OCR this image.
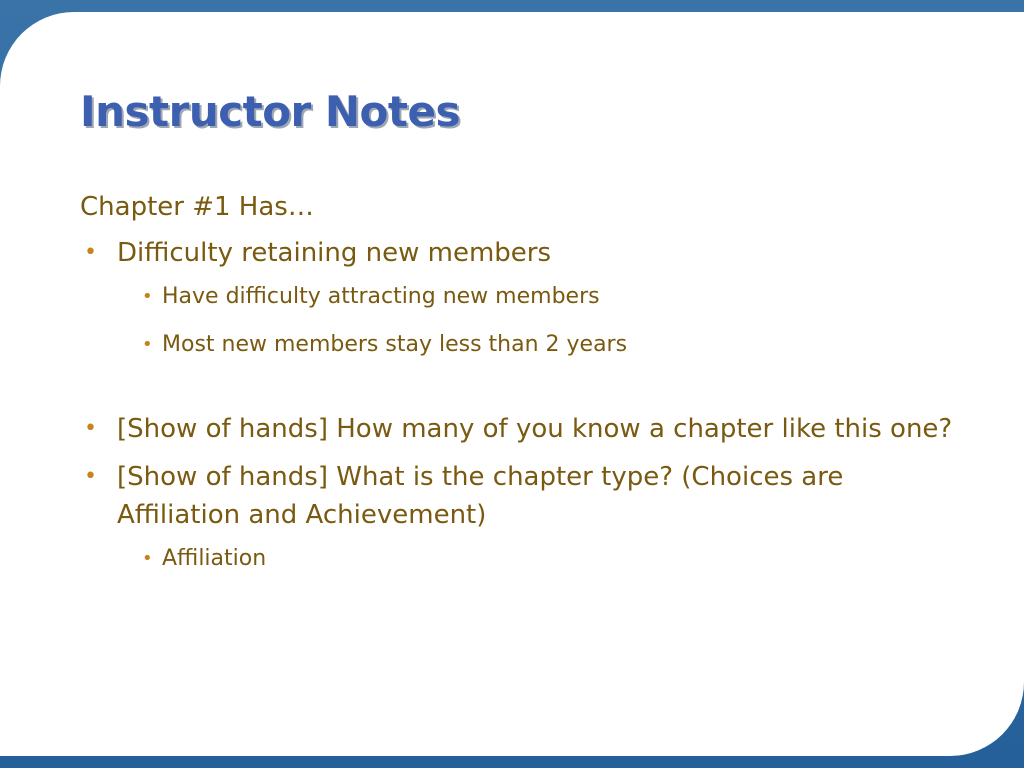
Instructor Notes

Chapter #1 Has…

• Difficulty retaining new members
• Have difficulty attracting new members
• Most new members stay less than 2 years
• [Show of hands] How many of you know a chapter like this one?
• [Show of hands] What is the chapter type? (Choices are Affiliation and Achievement)
• Affiliation
